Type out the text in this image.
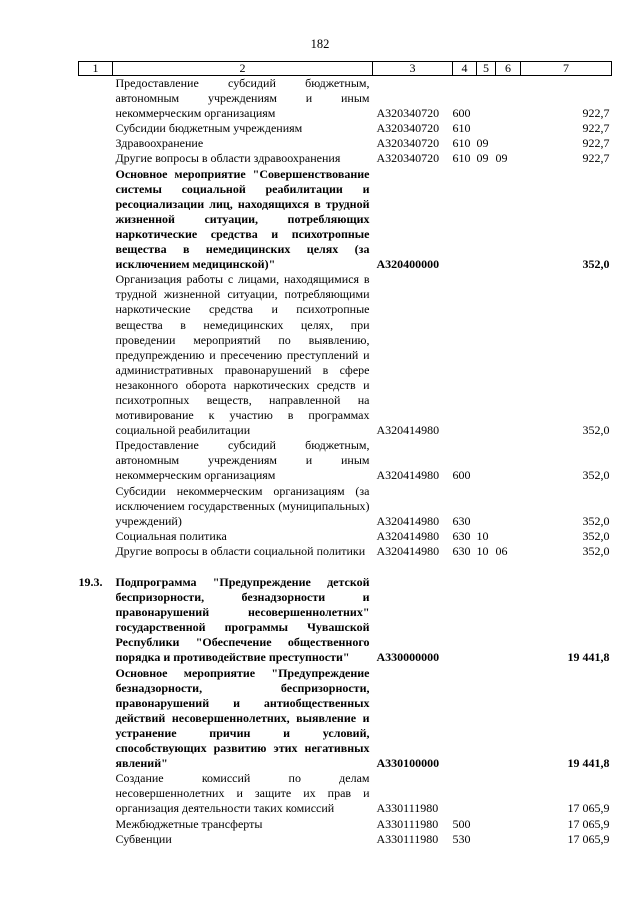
182
1	2	3	4	5	6	7
	Предоставление субсидий бюджетным, автономным учреждениям и иным некоммерческим организациям	А320340720	600			922,7
	Субсидии бюджетным учреждениям	А320340720	610			922,7
	Здравоохранение	А320340720	610	09		922,7
	Другие вопросы в области здравоохранения	А320340720	610	09	09	922,7
	Основное мероприятие "Совершенствование системы социальной реабилитации и ресоциализации лиц, находящихся в трудной жизненной ситуации, потребляющих наркотические средства и психотропные вещества в немедицинских целях (за исключением медицинской)"	А320400000				352,0
	Организация работы с лицами, находящимися в трудной жизненной ситуации, потребляющими наркотические средства и психотропные вещества в немедицинских целях, при проведении мероприятий по выявлению, предупреждению и пресечению преступлений и административных правонарушений в сфере незаконного оборота наркотических средств и психотропных веществ, направленной на мотивирование к участию в программах социальной реабилитации	А320414980				352,0
	Предоставление субсидий бюджетным, автономным учреждениям и иным некоммерческим организациям	А320414980	600			352,0
	Субсидии некоммерческим организациям (за исключением государственных (муниципальных) учреждений)	А320414980	630			352,0
	Социальная политика	А320414980	630	10		352,0
	Другие вопросы в области социальной политики	А320414980	630	10	06	352,0

19.3.	Подпрограмма "Предупреждение детской беспризорности, безнадзорности и правонарушений несовершеннолетних" государственной программы Чувашской Республики "Обеспечение общественного порядка и противодействие преступности"	А330000000				19 441,8
	Основное мероприятие "Предупреждение безнадзорности, беспризорности, правонарушений и антиобщественных действий несовершеннолетних, выявление и устранение причин и условий, способствующих развитию этих негативных явлений"	А330100000				19 441,8
	Создание комиссий по делам несовершеннолетних и защите их прав и организация деятельности таких комиссий	А330111980				17 065,9
	Межбюджетные трансферты	А330111980	500			17 065,9
	Субвенции	А330111980	530			17 065,9
